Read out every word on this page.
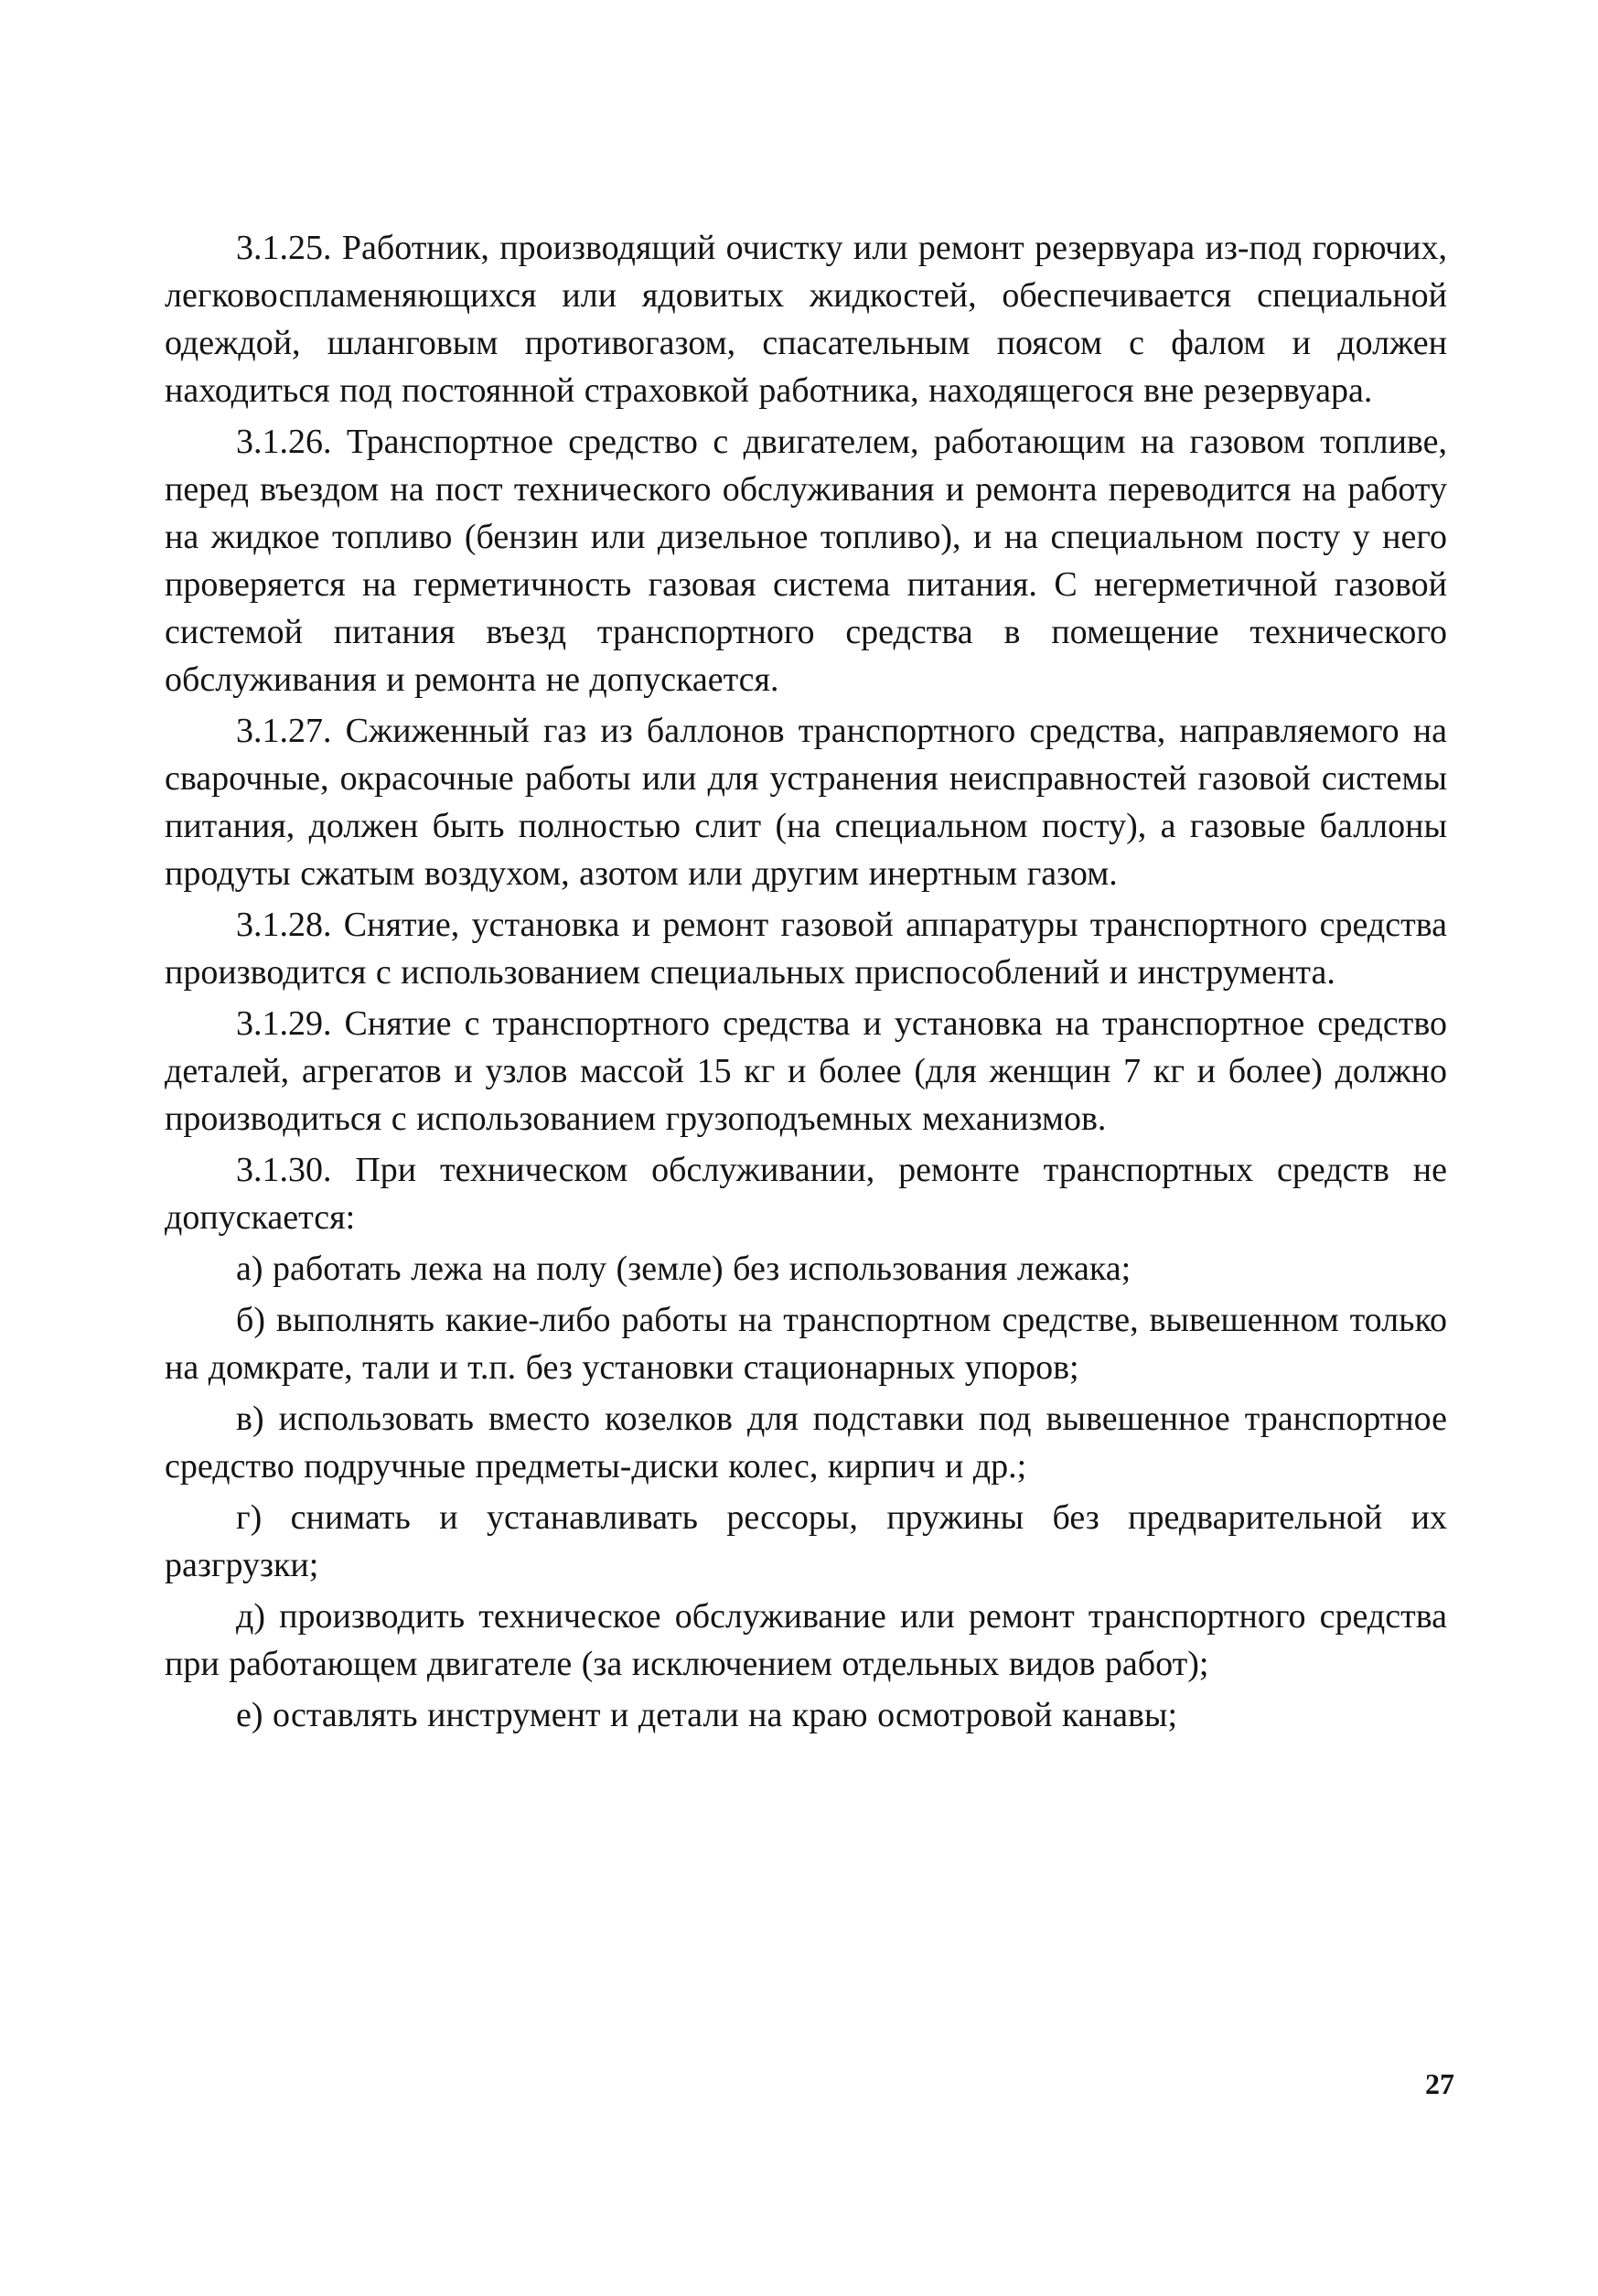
3.1.25. Работник, производящий очистку или ремонт резервуара из-под горючих, легковоспламеняющихся или ядовитых жидкостей, обеспечивается специальной одеждой, шланговым противогазом, спасательным поясом с фалом и должен находиться под постоянной страховкой работника, находящегося вне резервуара.

3.1.26. Транспортное средство с двигателем, работающим на газовом топливе, перед въездом на пост технического обслуживания и ремонта переводится на работу на жидкое топливо (бензин или дизельное топливо), и на специальном посту у него проверяется на герметичность газовая система питания. С негерметичной газовой системой питания въезд транспортного средства в помещение технического обслуживания и ремонта не допускается.

3.1.27. Сжиженный газ из баллонов транспортного средства, направляемого на сварочные, окрасочные работы или для устранения неисправностей газовой системы питания, должен быть полностью слит (на специальном посту), а газовые баллоны продуты сжатым воздухом, азотом или другим инертным газом.

3.1.28. Снятие, установка и ремонт газовой аппаратуры транспортного средства производится с использованием специальных приспособлений и инструмента.

3.1.29. Снятие с транспортного средства и установка на транспортное средство деталей, агрегатов и узлов массой 15 кг и более (для женщин 7 кг и более) должно производиться с использованием грузоподъемных механизмов.

3.1.30. При техническом обслуживании, ремонте транспортных средств не допускается:

а) работать лежа на полу (земле) без использования лежака;

б) выполнять какие-либо работы на транспортном средстве, вывешенном только на домкрате, тали и т.п. без установки стационарных упоров;

в) использовать вместо козелков для подставки под вывешенное транспортное средство подручные предметы-диски колес, кирпич и др.;

г) снимать и устанавливать рессоры, пружины без предварительной их разгрузки;

д) производить техническое обслуживание или ремонт транспортного средства при работающем двигателе (за исключением отдельных видов работ);

е) оставлять инструмент и детали на краю осмотровой канавы;

27
